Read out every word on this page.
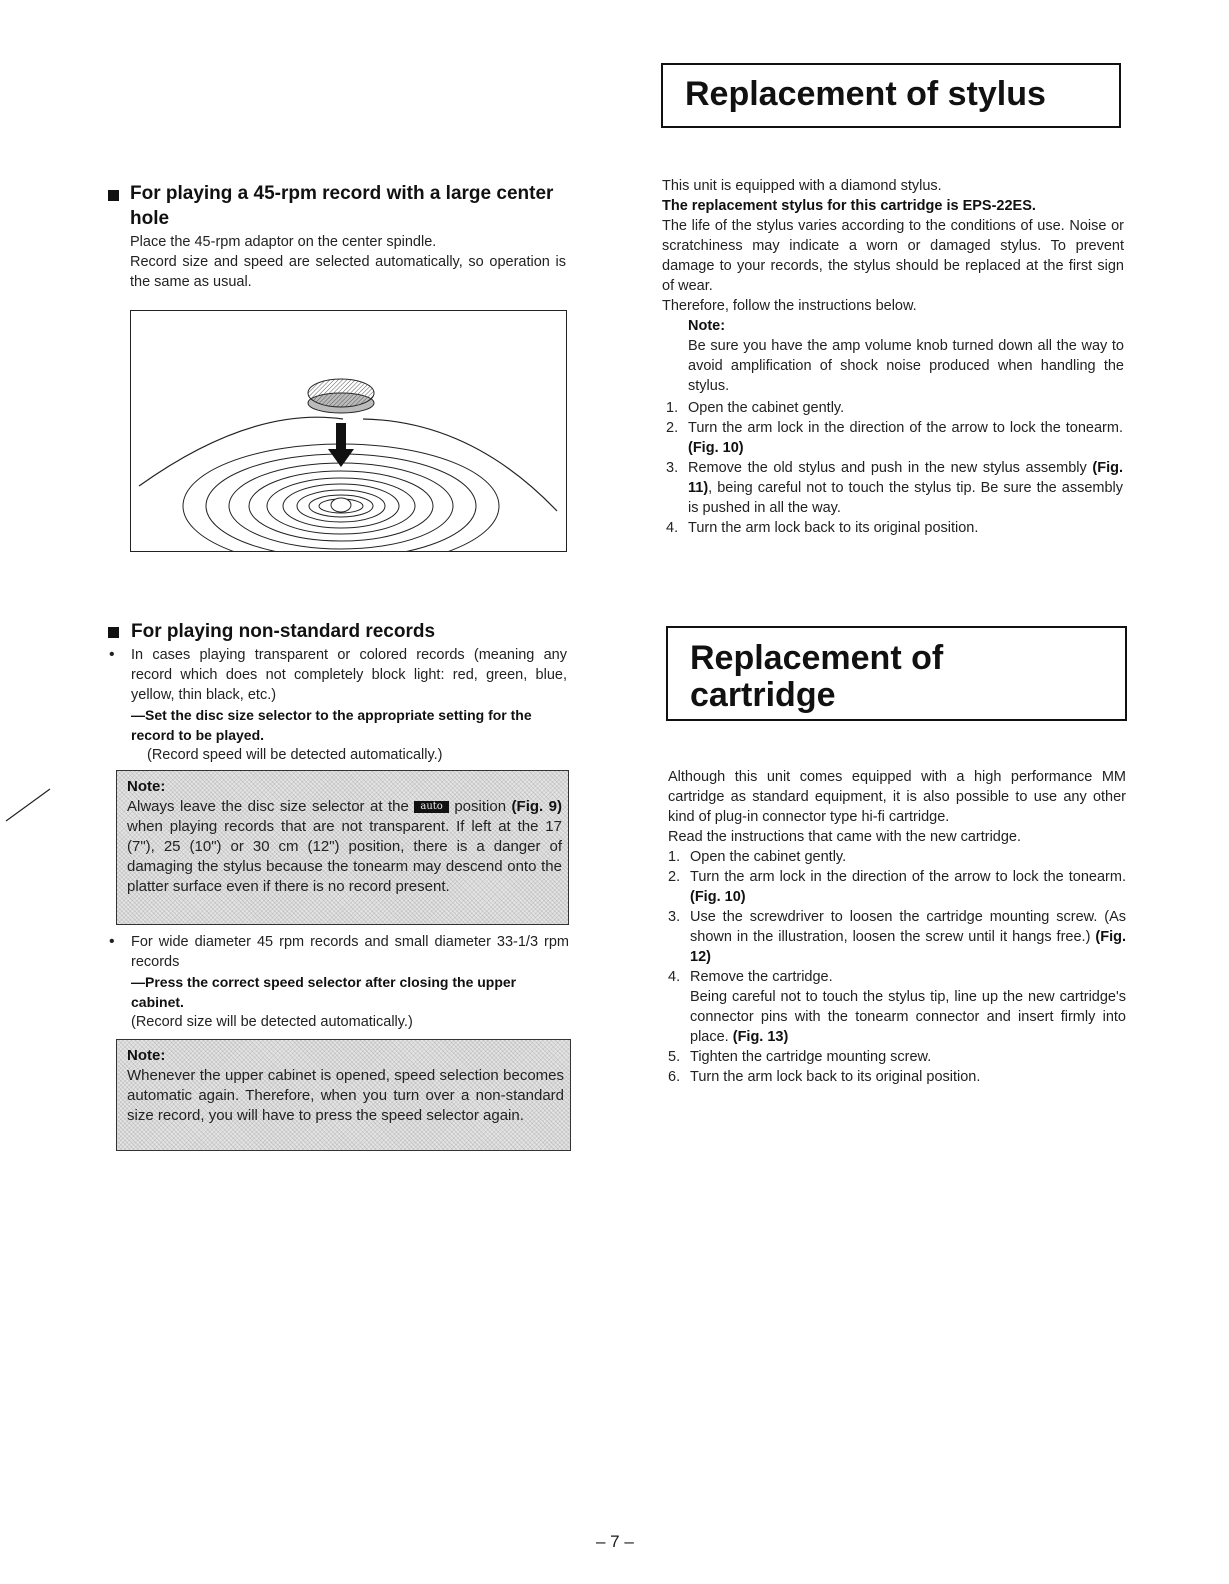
Replacement of stylus

This unit is equipped with a diamond stylus.

The replacement stylus for this cartridge is EPS-22ES.

The life of the stylus varies according to the conditions of use. Noise or scratchiness may indicate a worn or damaged stylus. To prevent damage to your records, the stylus should be replaced at the first sign of wear.

Therefore, follow the instructions below.

Note:

Be sure you have the amp volume knob turned down all the way to avoid amplification of shock noise produced when handling the stylus.

1. Open the cabinet gently.
2. Turn the arm lock in the direction of the arrow to lock the tonearm. (Fig. 10)
3. Remove the old stylus and push in the new stylus assembly (Fig. 11), being careful not to touch the stylus tip. Be sure the assembly is pushed in all the way.
4. Turn the arm lock back to its original position.
For playing a 45-rpm record with a large center hole

Place the 45-rpm adaptor on the center spindle.

Record size and speed are selected automatically, so operation is the same as usual.

For playing non-standard records
• In cases playing transparent or colored records (meaning any record which does not completely block light: red, green, blue, yellow, thin black, etc.)

—Set the disc size selector to the appropriate setting for the record to be played.

(Record speed will be detected automatically.)

Note:
Always leave the disc size selector at the auto position (Fig. 9) when playing records that are not transparent. If left at the 17 (7"), 25 (10") or 30 cm (12") position, there is a danger of damaging the stylus because the tonearm may descend onto the platter surface even if there is no record present.
• For wide diameter 45 rpm records and small diameter 33-1/3 rpm records

—Press the correct speed selector after closing the upper cabinet.

(Record size will be detected automatically.)

Note:
Whenever the upper cabinet is opened, speed selection becomes automatic again. Therefore, when you turn over a non-standard size record, you will have to press the speed selector again.
Replacement of
cartridge

Although this unit comes equipped with a high performance MM cartridge as standard equipment, it is also possible to use any other kind of plug-in connector type hi-fi cartridge.

Read the instructions that came with the new cartridge.

1. Open the cabinet gently.
2. Turn the arm lock in the direction of the arrow to lock the tonearm. (Fig. 10)
3. Use the screwdriver to loosen the cartridge mounting screw. (As shown in the illustration, loosen the screw until it hangs free.) (Fig. 12)
4. Remove the cartridge.
Being careful not to touch the stylus tip, line up the new cartridge's connector pins with the tonearm connector and insert firmly into place. (Fig. 13)
5. Tighten the cartridge mounting screw.
6. Turn the arm lock back to its original position.
– 7 –
